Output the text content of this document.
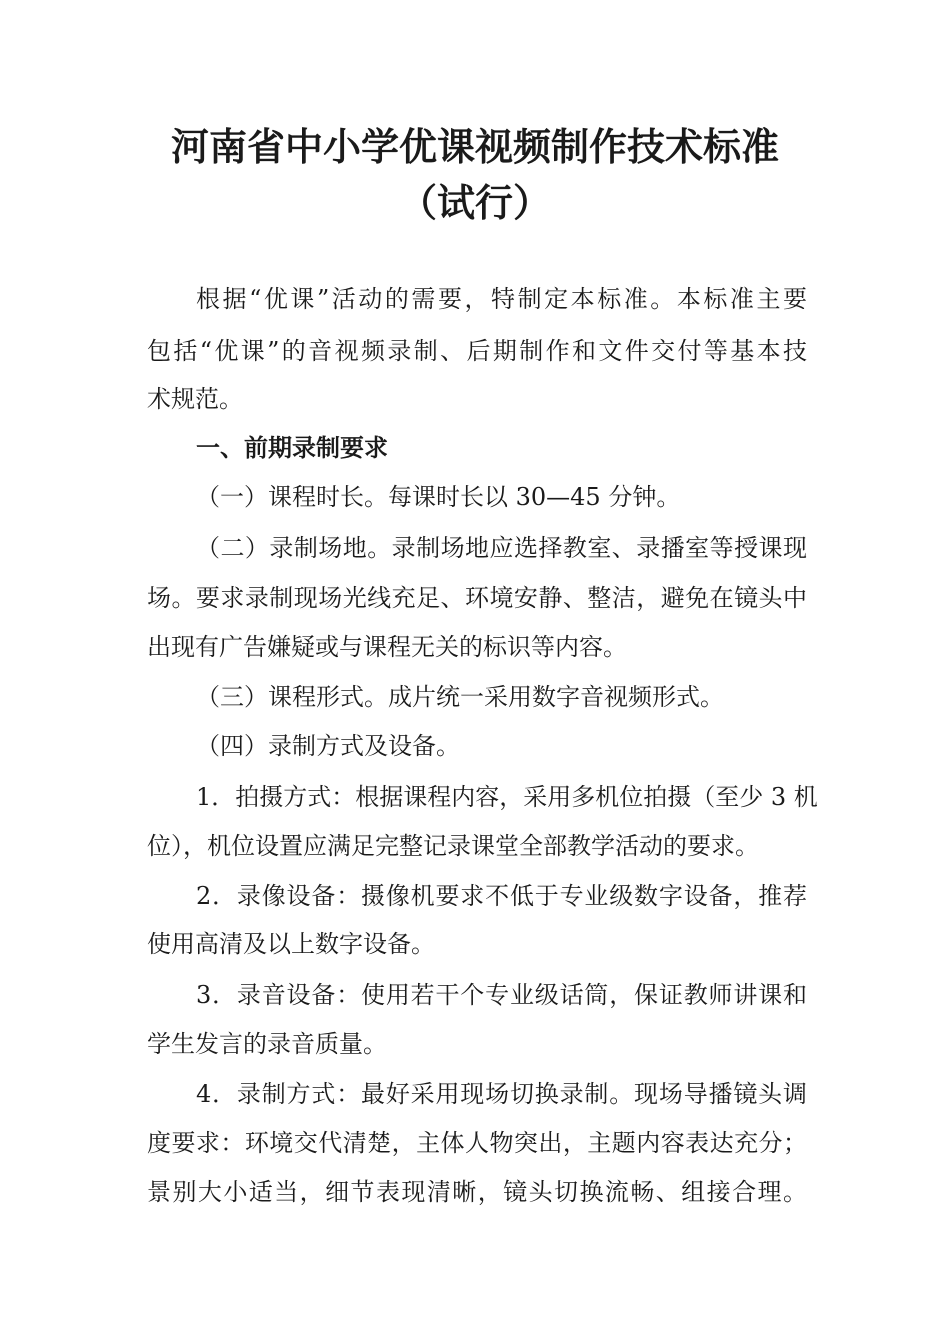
河南省中小学优课视频制作技术标准
（试行）
根据“优课”活动的需要，特制定本标准。本标准主要
包括“优课”的音视频录制、后期制作和文件交付等基本技
术规范。
一、前期录制要求
（一）课程时长。每课时长以 30—45 分钟。
（二）录制场地。录制场地应选择教室、录播室等授课现
场。要求录制现场光线充足、环境安静、整洁，避免在镜头中
出现有广告嫌疑或与课程无关的标识等内容。
（三）课程形式。成片统一采用数字音视频形式。
（四）录制方式及设备。
1．拍摄方式：根据课程内容，采用多机位拍摄（至少 3 机
位），机位设置应满足完整记录课堂全部教学活动的要求。
2．录像设备：摄像机要求不低于专业级数字设备，推荐
使用高清及以上数字设备。
3．录音设备：使用若干个专业级话筒，保证教师讲课和
学生发言的录音质量。
4．录制方式：最好采用现场切换录制。现场导播镜头调
度要求：环境交代清楚，主体人物突出，主题内容表达充分；
景别大小适当，细节表现清晰，镜头切换流畅、组接合理。
